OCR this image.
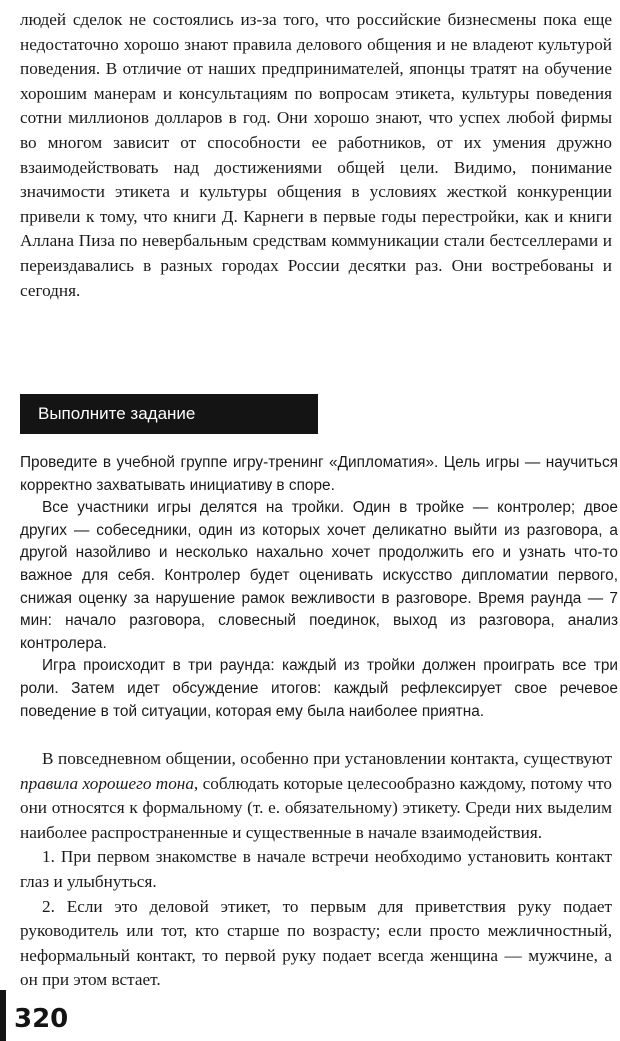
людей сделок не состоялись из-за того, что российские бизнесмены пока еще недостаточно хорошо знают правила делового общения и не владеют культурой поведения. В отличие от наших предпринимателей, японцы тратят на обучение хорошим манерам и консультациям по вопросам этикета, культуры поведения сотни миллионов долларов в год. Они хорошо знают, что успех любой фирмы во многом зависит от способности ее работников, от их умения дружно взаимодействовать над достижениями общей цели. Видимо, понимание значимости этикета и культуры общения в условиях жесткой конкуренции привели к тому, что книги Д. Карнеги в первые годы перестройки, как и книги Аллана Пиза по невербальным средствам коммуникации стали бестселлерами и переиздавались в разных городах России десятки раз. Они востребованы и сегодня.

Выполните задание

Проведите в учебной группе игру-тренинг «Дипломатия». Цель игры — научиться корректно захватывать инициативу в споре.

Все участники игры делятся на тройки. Один в тройке — контролер; двое других — собеседники, один из которых хочет деликатно выйти из разговора, а другой назойливо и несколько нахально хочет продолжить его и узнать что-то важное для себя. Контролер будет оценивать искусство дипломатии первого, снижая оценку за нарушение рамок вежливости в разговоре. Время раунда — 7 мин: начало разговора, словесный поединок, выход из разговора, анализ контролера.

Игра происходит в три раунда: каждый из тройки должен проиграть все три роли. Затем идет обсуждение итогов: каждый рефлексирует свое речевое поведение в той ситуации, которая ему была наиболее приятна.

В повседневном общении, особенно при установлении контакта, существуют правила хорошего тона, соблюдать которые целесообразно каждому, потому что они относятся к формальному (т. е. обязательному) этикету. Среди них выделим наиболее распространенные и существенные в начале взаимодействия.

1. При первом знакомстве в начале встречи необходимо установить контакт глаз и улыбнуться.

2. Если это деловой этикет, то первым для приветствия руку подает руководитель или тот, кто старше по возрасту; если просто межличностный, неформальный контакт, то первой руку подает всегда женщина — мужчине, а он при этом встает.

320
